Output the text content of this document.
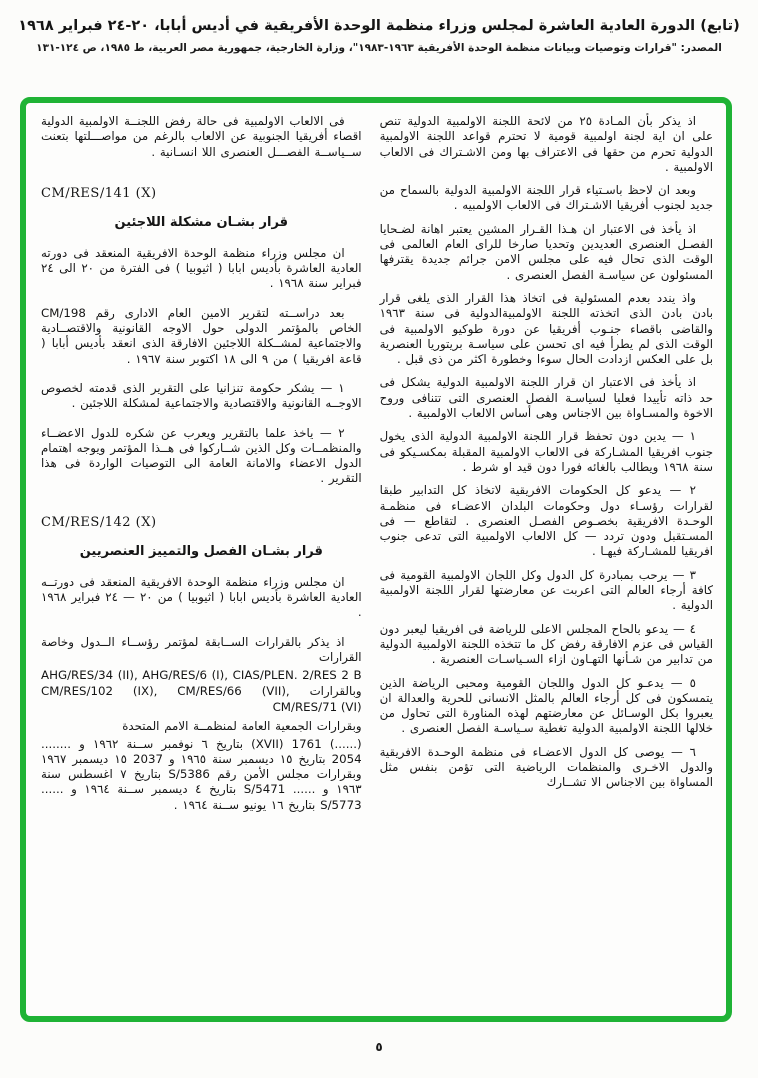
(تابع) الدورة العادية العاشرة لمجلس وزراء منظمة الوحدة الأفريقية في أديس أبابا، ٢٠-٢٤ فبراير ١٩٦٨
المصدر: "قرارات وتوصيات وبيانات منظمة الوحدة الأفريقية ١٩٦٣-١٩٨٣"، وزارة الخارجية، جمهورية مصر العربية، ط ١٩٨٥، ص ١٢٤-١٣١

اذ يذكر بأن المـادة ٢٥ من لائحة اللجنة الاولمبية الدولية تنص على ان اية لجنة اولمبية قومية لا تحترم قواعد اللجنة الاولمبية الدولية تحرم من حقها فى الاعتراف بها ومن الاشـتراك فى الالعاب الاولمبية .

وبعد ان لاحظ باسـتياء قرار اللجنة الاولمبية الدولية بالسماح من جديد لجنوب أفريقيا الاشـتراك فى الالعاب الاولمبيه .

اذ يأخذ فى الاعتبار ان هـذا القـرار المشين يعتبر اهانة لضـحايا الفصـل العنصرى العديدين وتحديا صارخا للراى العام العالمى فى الوقت الذى تحال فيه على مجلس الامن جرائم جديدة يقترفها المسئولون عن سياسـة الفصل العنصرى .

واذ يندد بعدم المسئولية فى اتخاذ هذا القرار الذى يلغى قرار بادن بادن الذى اتخذته اللجنة الاولمبيةالدولية فى سنة ١٩٦٣ والقاضى باقصاء جنـوب أفريقيا عن دورة طوكيو الاولمبية فى الوقت الذى لم يطرأ فيه اى تحسن على سياسـة بريتوريا العنصرية بل على العكس ازدادت الحال سوءا وخطورة اكثر من ذى قبل .

اذ يأخذ فى الاعتبار ان قرار اللجنة الاولمبية الدولية يشكل فى حد ذاته تأييدا فعليا لسياسـة الفصل العنصرى التى تتنافى وروح الاخوة والمسـاواة بين الاجناس وهى أساس الالعاب الاولمبية .

١ — يدين دون تحفظ قرار اللجنة الاولمبية الدولية الذى يخول جنوب افريقيا المشـاركة فى الالعاب الاولمبية المقبلة بمكسـيكو فى سنة ١٩٦٨ ويطالب بالغائه فورا دون قيد او شرط .

٢ — يدعو كل الحكومات الافريقية لاتخاذ كل التدابير طبقا لقرارات رؤسـاء دول وحكومات البلدان الاعضـاء فى منظمـة الوحـدة الافريقية بخصـوص الفصـل العنصرى . لتقاطع — فى المسـتقبل ودون تردد — كل الالعاب الاولمبية التى تدعى جنوب افريقيا للمشـاركة فيهـا .

٣ — يرحب بمبادرة كل الدول وكل اللجان الاولمبية القومية فى كافة أرجاء العالم التى اعربت عن معارضتها لقرار اللجنة الاولمبية الدولية .

٤ — يدعو بالحاح المجلس الاعلى للرياضة فى افريقيا ليعبر دون القياس فى عزم الافارقة رفض كل ما تتخذه اللجنة الاولمبية الدولية من تدابير من شـأنها التهـاون ازاء السـياسـات العنصرية .

٥ — يدعـو كل الدول واللجان القومية ومحبى الرياضة الذين يتمسكون فى كل أرجاء العالم بالمثل الانسانى للحرية والعدالة ان يعبروا بكل الوسـائل عن معارضتهم لهذه المناورة التى تحاول من خلالها اللجنة الاولمبية الدولية تغطية سـياسـة الفصل العنصرى .

٦ — يوصى كل الدول الاعضـاء فى منظمة الوحـدة الافريقية والدول الاخـرى والمنظمات الرياضية التى تؤمن بنفس مثل المساواة بين الاجناس الا تشــارك

فى الالعاب الاولمبية فى حالة رفض اللجنــة الاولمبية الدولية اقصاء أفريقيا الجنوبية عن الالعاب بالرغم من مواصـــلتها بتعنت ســياســة الفصـــل العنصرى اللا انسـانية .

CM/RES/141 (X)
قرار بشـان مشكلة اللاجئين

ان مجلس وزراء منظمة الوحدة الافريقية المنعقد فى دورته العادية العاشرة بأديس ابابا ( اثيوبيا ) فى الفترة من ٢٠ الى ٢٤ فبراير سنة ١٩٦٨ .

بعد دراســته لتقرير الامين العام الادارى رقم CM/198 الخاص بالمؤتمر الدولى حول الاوجه القانونية والاقتصــادية والاجتماعية لمشــكلة اللاجئين الافارقة الذى انعقد بأديس أبابا ( قاعة افريقيا ) من ٩ الى ١٨ اكتوبر سنة ١٩٦٧ .

١ — يشكر حكومة تنزانيا على التقرير الذى قدمته لخصوص الاوجــه القانونية والاقتصادية والاجتماعية لمشكلة اللاجئين .

٢ — ياخذ علما بالتقرير ويعرب عن شكره للدول الاعضــاء والمنظمــات وكل الذين شــاركوا فى هــذا المؤتمر ويوجه اهتمام الدول الاعضاء والامانة العامة الى التوصيات الواردة فى هذا التقرير .

CM/RES/142 (X)
قرار بشـان الفصل والتمييز العنصريين

ان مجلس وزراء منظمة الوحدة الافريقية المنعقد فى دورتــه العادية العاشرة بأديس ابابا ( اثيوبيا ) من ٢٠ — ٢٤ فبراير ١٩٦٨ .

اذ يذكر بالقرارات الســابقة لمؤتمر رؤســاء الــدول وخاصة القرارات

AHG/RES/34 (II), AHG/RES/6 (I), CIAS/PLEN. 2/RES 2 B وبالقرارات CM/RES/102 (IX), CM/RES/66 (VII), CM/RES/71 (VI)

وبقرارات الجمعية العامة لمنظمــة الامم المتحدة

(......) 1761 (XVII) بتاريخ ٦ نوفمبر ســنة ١٩٦٢ و ........ 2054 بتاريخ ١٥ ديسمبر سنة ١٩٦٥ و 2037 ١٥ ديسمبر ١٩٦٧ وبقرارات مجلس الأمن رقم S/5386 بتاريخ ٧ اغسطس سنة ١٩٦٣ و ...... S/5471 بتاريخ ٤ ديسمبر ســنة ١٩٦٤ و ...... S/5773 بتاريخ ١٦ يونيو ســنة ١٩٦٤ .

٥
